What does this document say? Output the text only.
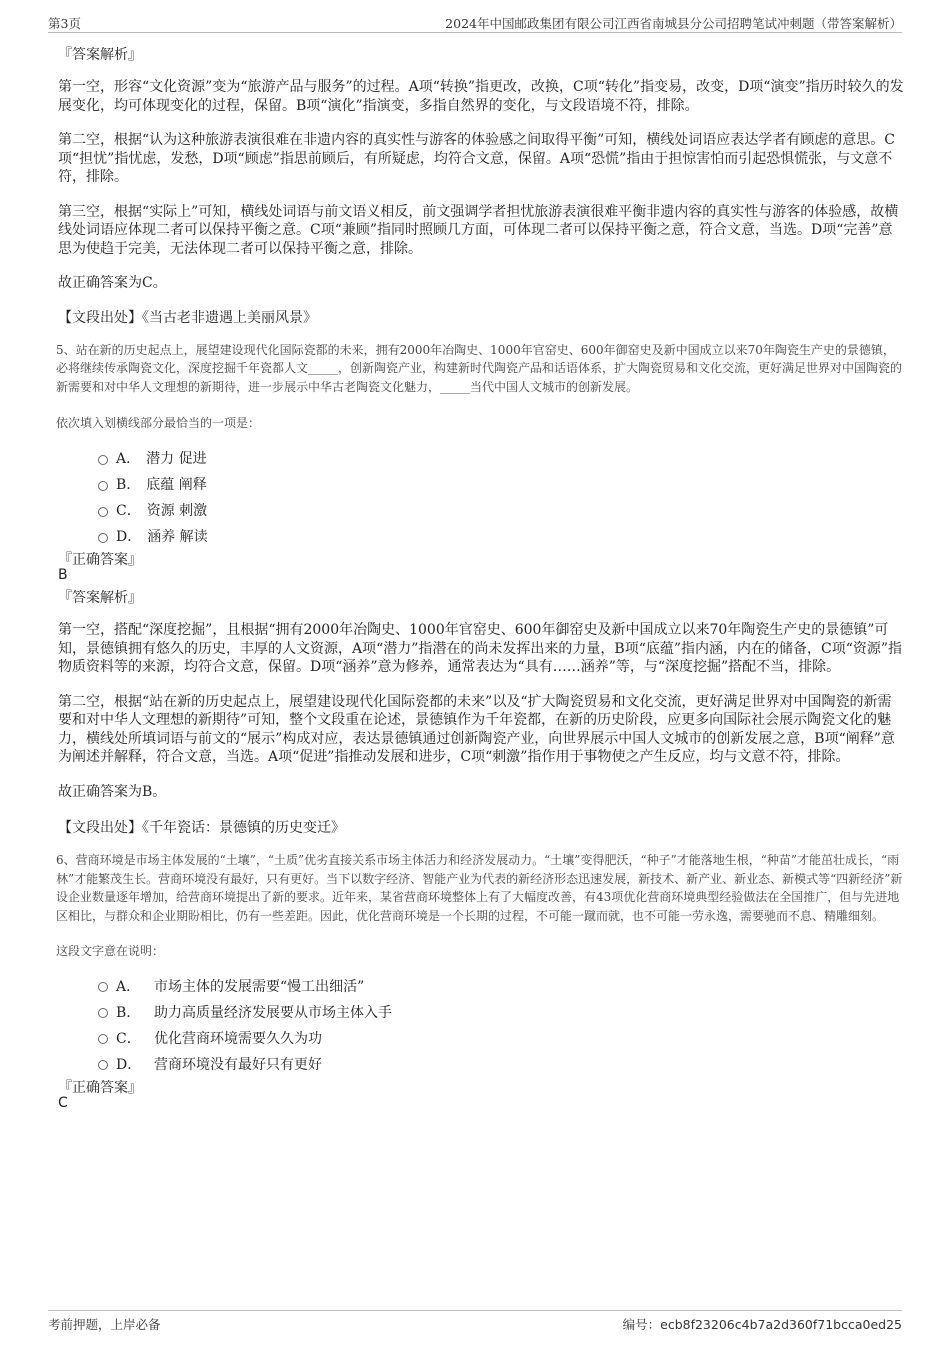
第3页	2024年中国邮政集团有限公司江西省南城县分公司招聘笔试冲刺题（带答案解析）
『答案解析』

第一空，形容“文化资源”变为“旅游产品与服务”的过程。A项“转换”指更改，改换，C项“转化”指变易，改变，D项“演变”指历时较久的发展变化，均可体现变化的过程，保留。B项“演化”指演变，多指自然界的变化，与文段语境不符，排除。

第二空，根据“认为这种旅游表演很难在非遗内容的真实性与游客的体验感之间取得平衡”可知，横线处词语应表达学者有顾虑的意思。C项“担忧”指忧虑，发愁，D项“顾虑”指思前顾后，有所疑虑，均符合文意，保留。A项“恐慌”指由于担惊害怕而引起恐惧慌张，与文意不符，排除。

第三空，根据“实际上”可知，横线处词语与前文语义相反，前文强调学者担忧旅游表演很难平衡非遗内容的真实性与游客的体验感，故横线处词语应体现二者可以保持平衡之意。C项“兼顾”指同时照顾几方面，可体现二者可以保持平衡之意，符合文意，当选。D项“完善”意思为使趋于完美，无法体现二者可以保持平衡之意，排除。

故正确答案为C。

【文段出处】《当古老非遗遇上美丽风景》

5、站在新的历史起点上，展望建设现代化国际瓷都的未来，拥有2000年冶陶史、1000年官窑史、600年御窑史及新中国成立以来70年陶瓷生产史的景德镇，必将继续传承陶瓷文化，深度挖掘千年瓷都人文_____，创新陶瓷产业，构建新时代陶瓷产品和话语体系，扩大陶瓷贸易和文化交流，更好满足世界对中国陶瓷的新需要和对中华人文理想的新期待，进一步展示中华古老陶瓷文化魅力，_____当代中国人文城市的创新发展。

依次填入划横线部分最恰当的一项是：

A． 潜力 促进
B． 底蕴 阐释
C． 资源 刺激
D． 涵养 解读
『正确答案』
B
『答案解析』

第一空，搭配“深度挖掘”，且根据“拥有2000年冶陶史、1000年官窑史、600年御窑史及新中国成立以来70年陶瓷生产史的景德镇”可知，景德镇拥有悠久的历史，丰厚的人文资源，A项“潜力”指潜在的尚未发挥出来的力量，B项“底蕴”指内涵，内在的储备，C项“资源”指物质资料等的来源，均符合文意，保留。D项“涵养”意为修养，通常表达为“具有……涵养”等，与“深度挖掘”搭配不当，排除。

第二空，根据“站在新的历史起点上，展望建设现代化国际瓷都的未来”以及“扩大陶瓷贸易和文化交流，更好满足世界对中国陶瓷的新需要和对中华人文理想的新期待”可知，整个文段重在论述，景德镇作为千年瓷都，在新的历史阶段，应更多向国际社会展示陶瓷文化的魅力，横线处所填词语与前文的“展示”构成对应，表达景德镇通过创新陶瓷产业，向世界展示中国人文城市的创新发展之意，B项“阐释”意为阐述并解释，符合文意，当选。A项“促进”指推动发展和进步，C项“刺激”指作用于事物使之产生反应，均与文意不符，排除。

故正确答案为B。

【文段出处】《千年瓷话：景德镇的历史变迁》

6、营商环境是市场主体发展的“土壤”，“土质”优劣直接关系市场主体活力和经济发展动力。“土壤”变得肥沃，“种子”才能落地生根，“种苗”才能茁壮成长，“雨林”才能繁茂生长。营商环境没有最好，只有更好。当下以数字经济、智能产业为代表的新经济形态迅速发展，新技术、新产业、新业态、新模式等“四新经济”新设企业数量逐年增加，给营商环境提出了新的要求。近年来，某省营商环境整体上有了大幅度改善，有43项优化营商环境典型经验做法在全国推广，但与先进地区相比，与群众和企业期盼相比，仍有一些差距。因此，优化营商环境是一个长期的过程，不可能一蹴而就，也不可能一劳永逸，需要驰而不息、精雕细刻。

这段文字意在说明：

A． 市场主体的发展需要“慢工出细活”
B． 助力高质量经济发展要从市场主体入手
C． 优化营商环境需要久久为功
D． 营商环境没有最好只有更好
『正确答案』
C
考前押题，上岸必备	编号：ecb8f23206c4b7a2d360f71bcca0ed25
